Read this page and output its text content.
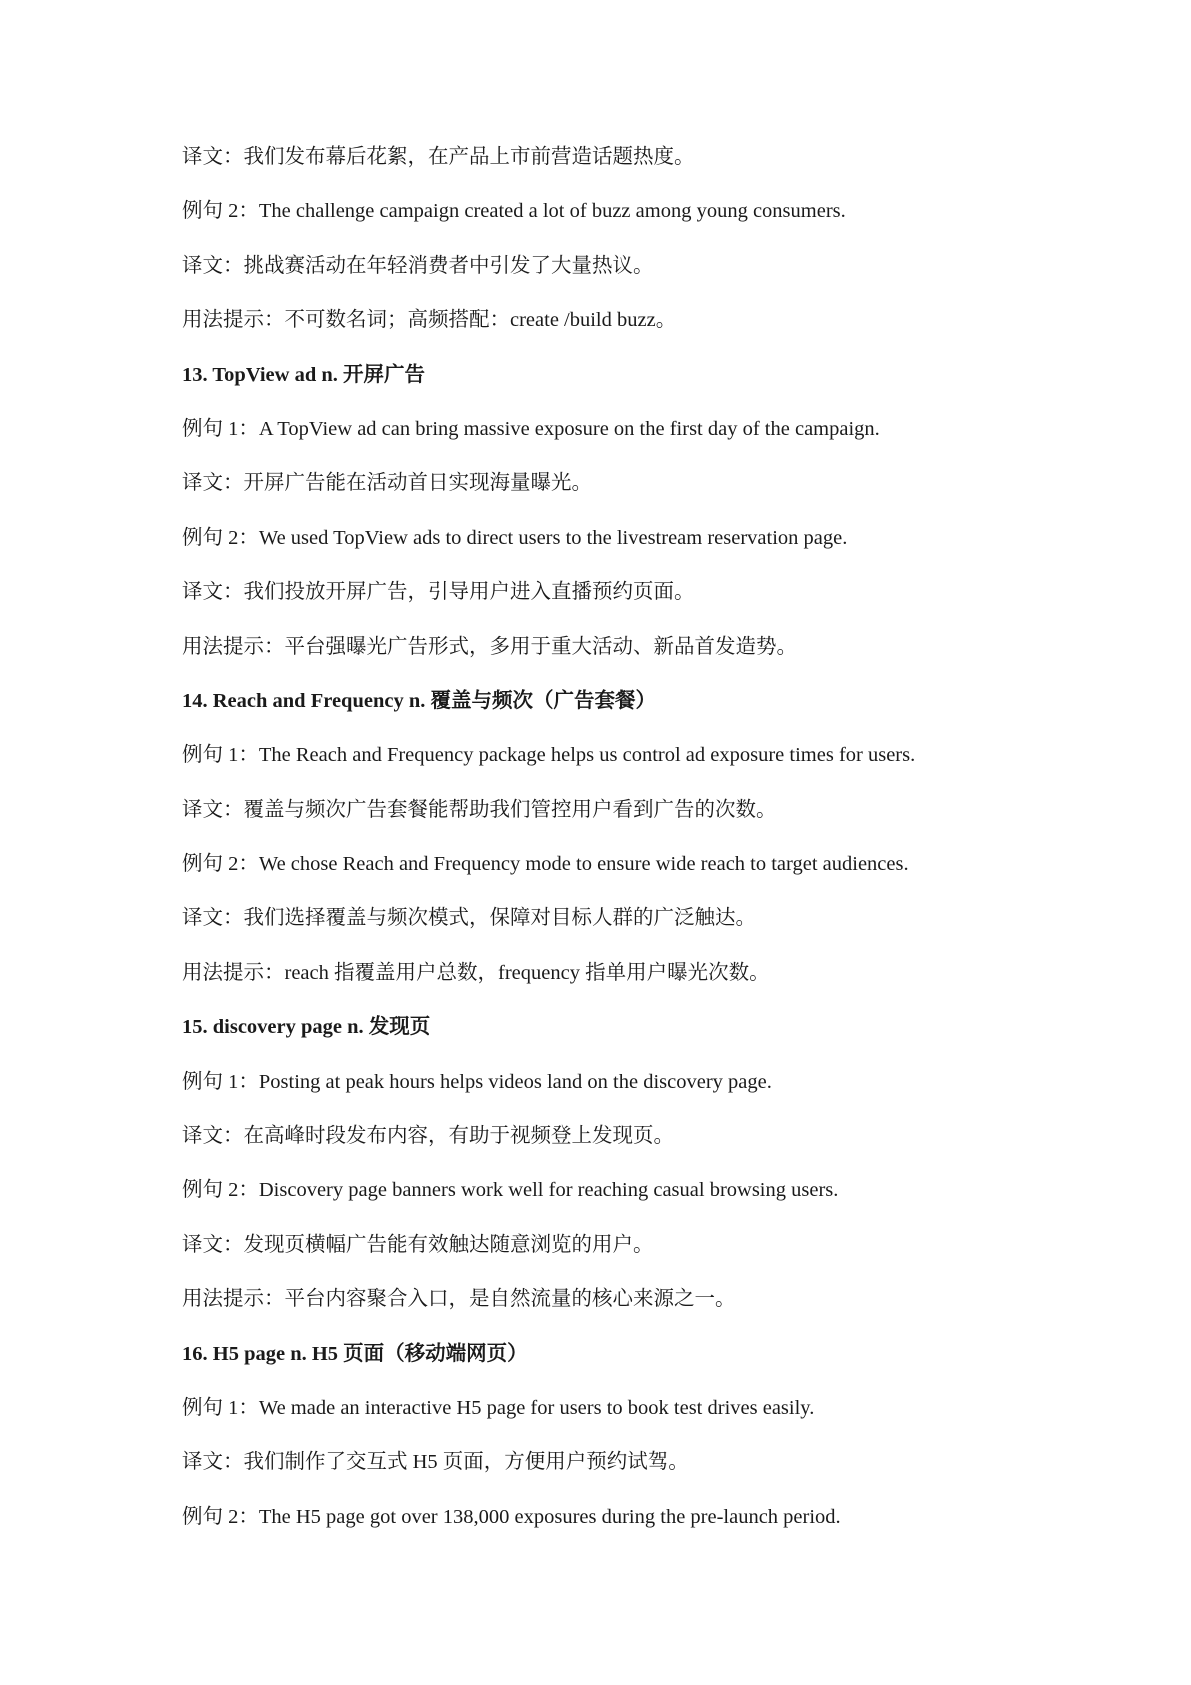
译文：我们发布幕后花絮，在产品上市前营造话题热度。
例句 2：The challenge campaign created a lot of buzz among young consumers.
译文：挑战赛活动在年轻消费者中引发了大量热议。
用法提示：不可数名词；高频搭配：create /build buzz。
13. TopView ad n. 开屏广告
例句 1：A TopView ad can bring massive exposure on the first day of the campaign.
译文：开屏广告能在活动首日实现海量曝光。
例句 2：We used TopView ads to direct users to the livestream reservation page.
译文：我们投放开屏广告，引导用户进入直播预约页面。
用法提示：平台强曝光广告形式，多用于重大活动、新品首发造势。
14. Reach and Frequency n. 覆盖与频次（广告套餐）
例句 1：The Reach and Frequency package helps us control ad exposure times for users.
译文：覆盖与频次广告套餐能帮助我们管控用户看到广告的次数。
例句 2：We chose Reach and Frequency mode to ensure wide reach to target audiences.
译文：我们选择覆盖与频次模式，保障对目标人群的广泛触达。
用法提示：reach 指覆盖用户总数，frequency 指单用户曝光次数。
15. discovery page n. 发现页
例句 1：Posting at peak hours helps videos land on the discovery page.
译文：在高峰时段发布内容，有助于视频登上发现页。
例句 2：Discovery page banners work well for reaching casual browsing users.
译文：发现页横幅广告能有效触达随意浏览的用户。
用法提示：平台内容聚合入口，是自然流量的核心来源之一。
16. H5 page n. H5 页面（移动端网页）
例句 1：We made an interactive H5 page for users to book test drives easily.
译文：我们制作了交互式 H5 页面，方便用户预约试驾。
例句 2：The H5 page got over 138,000 exposures during the pre-launch period.
